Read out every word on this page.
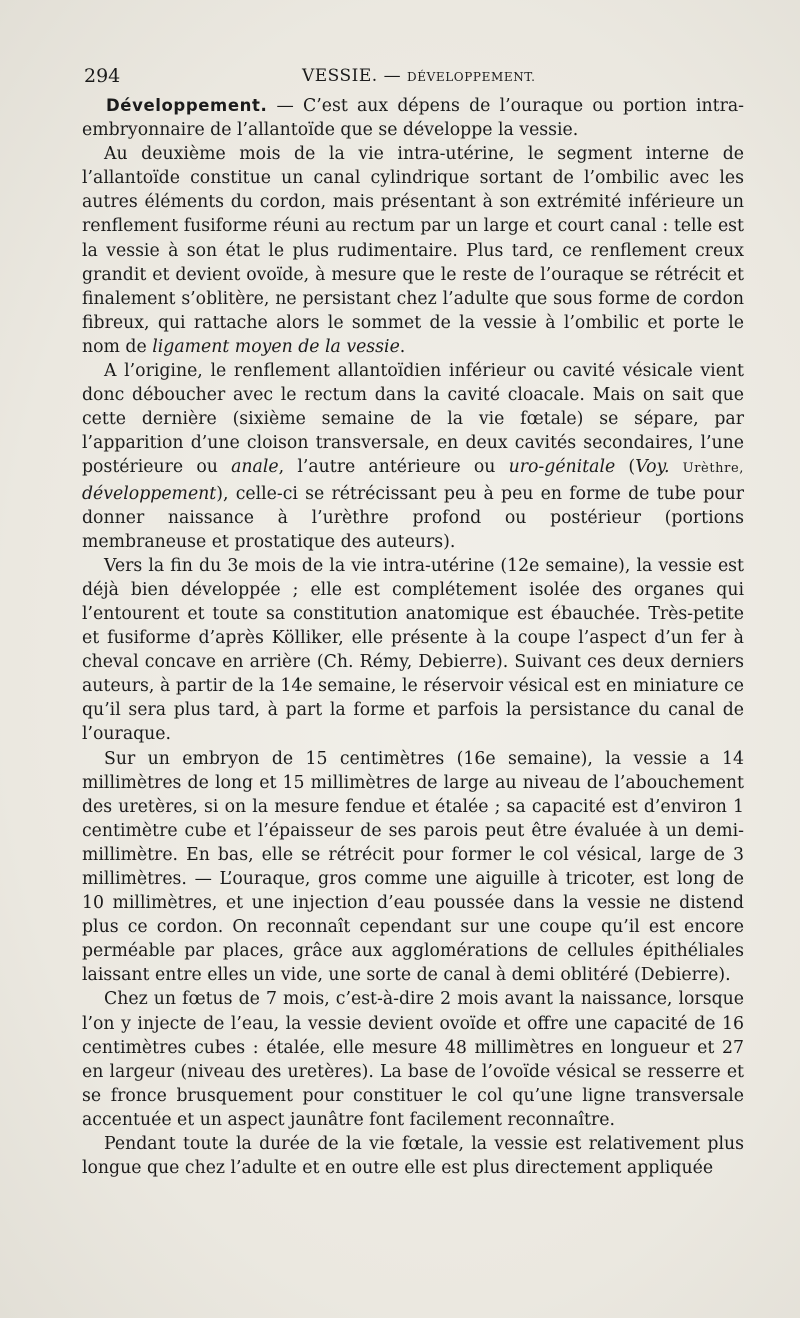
294	VESSIE. — DÉVELOPPEMENT.

Développement. — C’est aux dépens de l’ouraque ou portion intra-embryonnaire de l’allantoïde que se développe la vessie.

Au deuxième mois de la vie intra-utérine, le segment interne de l’allantoïde constitue un canal cylindrique sortant de l’ombilic avec les autres éléments du cordon, mais présentant à son extrémité inférieure un renflement fusiforme réuni au rectum par un large et court canal : telle est la vessie à son état le plus rudimentaire. Plus tard, ce renflement creux grandit et devient ovoïde, à mesure que le reste de l’ouraque se rétrécit et finalement s’oblitère, ne persistant chez l’adulte que sous forme de cordon fibreux, qui rattache alors le sommet de la vessie à l’ombilic et porte le nom de ligament moyen de la vessie.

A l’origine, le renflement allantoïdien inférieur ou cavité vésicale vient donc déboucher avec le rectum dans la cavité cloacale. Mais on sait que cette dernière (sixième semaine de la vie fœtale) se sépare, par l’apparition d’une cloison transversale, en deux cavités secondaires, l’une postérieure ou anale, l’autre antérieure ou uro-génitale (Voy. Urèthre, développement), celle-ci se rétrécissant peu à peu en forme de tube pour donner naissance à l’urèthre profond ou postérieur (portions membraneuse et prostatique des auteurs).

Vers la fin du 3e mois de la vie intra-utérine (12e semaine), la vessie est déjà bien développée ; elle est complétement isolée des organes qui l’entourent et toute sa constitution anatomique est ébauchée. Très-petite et fusiforme d’après Kölliker, elle présente à la coupe l’aspect d’un fer à cheval concave en arrière (Ch. Rémy, Debierre). Suivant ces deux derniers auteurs, à partir de la 14e semaine, le réservoir vésical est en miniature ce qu’il sera plus tard, à part la forme et parfois la persistance du canal de l’ouraque.

Sur un embryon de 15 centimètres (16e semaine), la vessie a 14 millimètres de long et 15 millimètres de large au niveau de l’abouchement des uretères, si on la mesure fendue et étalée ; sa capacité est d’environ 1 centimètre cube et l’épaisseur de ses parois peut être évaluée à un demi-millimètre. En bas, elle se rétrécit pour former le col vésical, large de 3 millimètres. — L’ouraque, gros comme une aiguille à tricoter, est long de 10 millimètres, et une injection d’eau poussée dans la vessie ne distend plus ce cordon. On reconnaît cependant sur une coupe qu’il est encore perméable par places, grâce aux agglomérations de cellules épithéliales laissant entre elles un vide, une sorte de canal à demi oblitéré (Debierre).

Chez un fœtus de 7 mois, c’est-à-dire 2 mois avant la naissance, lorsque l’on y injecte de l’eau, la vessie devient ovoïde et offre une capacité de 16 centimètres cubes : étalée, elle mesure 48 millimètres en longueur et 27 en largeur (niveau des uretères). La base de l’ovoïde vésical se resserre et se fronce brusquement pour constituer le col qu’une ligne transversale accentuée et un aspect jaunâtre font facilement reconnaître.

Pendant toute la durée de la vie fœtale, la vessie est relativement plus longue que chez l’adulte et en outre elle est plus directement appliquée
